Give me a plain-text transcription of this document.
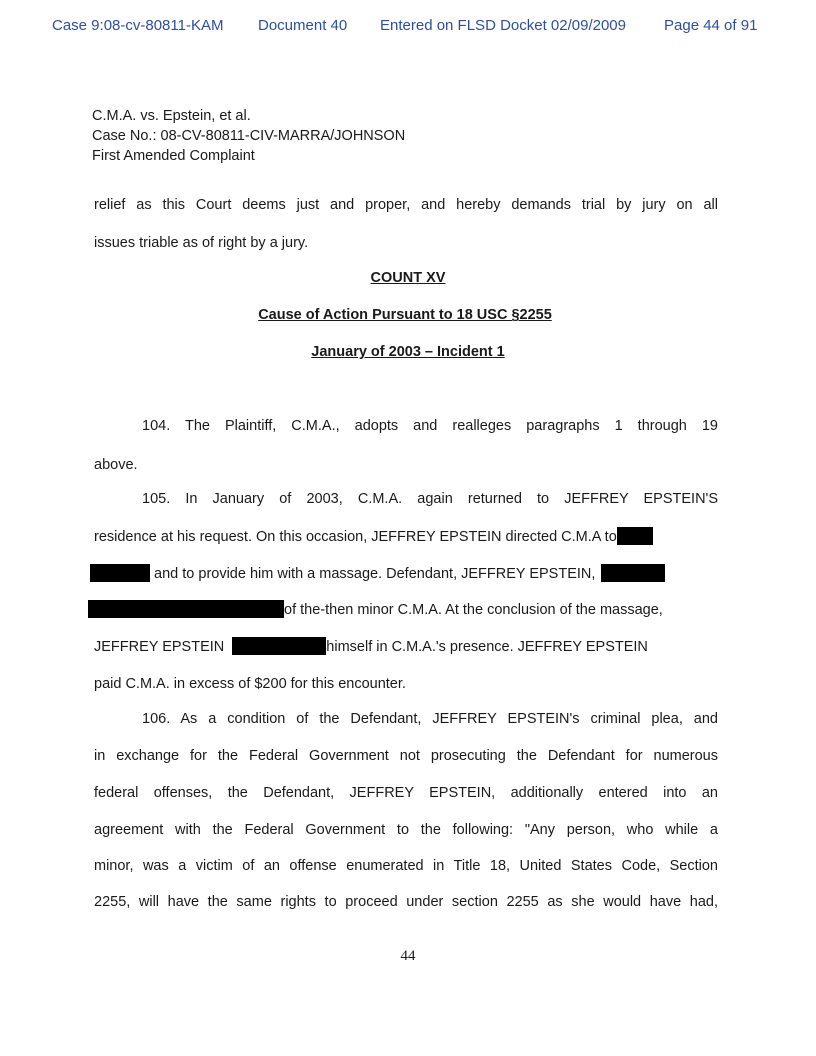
Case 9:08-cv-80811-KAM Document 40 Entered on FLSD Docket 02/09/2009	Page 44 of 91
C.M.A. vs. Epstein, et al.
Case No.: 08-CV-80811-CIV-MARRA/JOHNSON
First Amended Complaint
relief as this Court deems just and proper, and hereby demands trial by jury on all
issues triable as of right by a jury.
COUNT XV
Cause of Action Pursuant to 18 USC §2255
January of 2003 – Incident 1
104. The Plaintiff, C.M.A., adopts and realleges paragraphs 1 through 19
above.
105. In January of 2003, C.M.A. again returned to JEFFREY EPSTEIN'S
residence at his request. On this occasion, JEFFREY EPSTEIN directed C.M.A to
and to provide him with a massage. Defendant, JEFFREY EPSTEIN,
of the-then minor C.M.A. At the conclusion of the massage,
JEFFREY EPSTEIN	himself in C.M.A.'s presence. JEFFREY EPSTEIN
paid C.M.A. in excess of $200 for this encounter.
106. As a condition of the Defendant, JEFFREY EPSTEIN's criminal plea, and
in exchange for the Federal Government not prosecuting the Defendant for numerous
federal offenses, the Defendant, JEFFREY EPSTEIN, additionally entered into an
agreement with the Federal Government to the following: "Any person, who while a
minor, was a victim of an offense enumerated in Title 18, United States Code, Section
2255, will have the same rights to proceed under section 2255 as she would have had,
44
